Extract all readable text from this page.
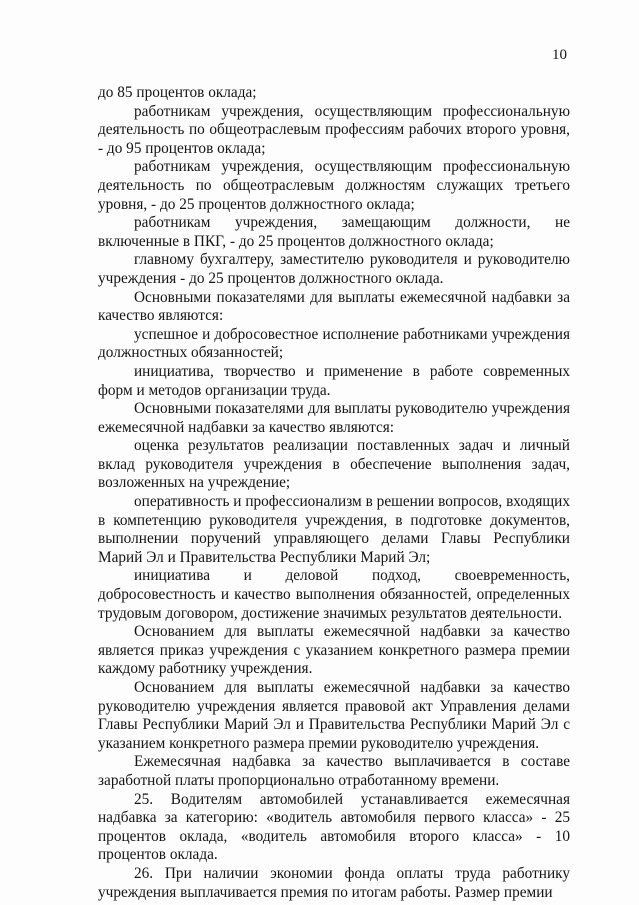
10

до 85 процентов оклада;

работникам учреждения, осуществляющим профессиональную деятельность по общеотраслевым профессиям рабочих второго уровня, - до 95 процентов оклада;

работникам учреждения, осуществляющим профессиональную деятельность по общеотраслевым должностям служащих третьего уровня, - до 25 процентов должностного оклада;

работникам учреждения, замещающим должности, не включенные в ПКГ, - до 25 процентов должностного оклада;

главному бухгалтеру, заместителю руководителя и руководителю учреждения - до 25 процентов должностного оклада.

Основными показателями для выплаты ежемесячной надбавки за качество являются:

успешное и добросовестное исполнение работниками учреждения должностных обязанностей;

инициатива, творчество и применение в работе современных форм и методов организации труда.

Основными показателями для выплаты руководителю учреждения ежемесячной надбавки за качество являются:

оценка результатов реализации поставленных задач и личный вклад руководителя учреждения в обеспечение выполнения задач, возложенных на учреждение;

оперативность и профессионализм в решении вопросов, входящих в компетенцию руководителя учреждения, в подготовке документов, выполнении поручений управляющего делами Главы Республики Марий Эл и Правительства Республики Марий Эл;

инициатива и деловой подход, своевременность, добросовестность и качество выполнения обязанностей, определенных трудовым договором, достижение значимых результатов деятельности.

Основанием для выплаты ежемесячной надбавки за качество является приказ учреждения с указанием конкретного размера премии каждому работнику учреждения.

Основанием для выплаты ежемесячной надбавки за качество руководителю учреждения является правовой акт Управления делами Главы Республики Марий Эл и Правительства Республики Марий Эл с указанием конкретного размера премии руководителю учреждения.

Ежемесячная надбавка за качество выплачивается в составе заработной платы пропорционально отработанному времени.

25. Водителям автомобилей устанавливается ежемесячная надбавка за категорию: «водитель автомобиля первого класса» - 25 процентов оклада, «водитель автомобиля второго класса» - 10 процентов оклада.

26. При наличии экономии фонда оплаты труда работнику учреждения выплачивается премия по итогам работы. Размер премии
